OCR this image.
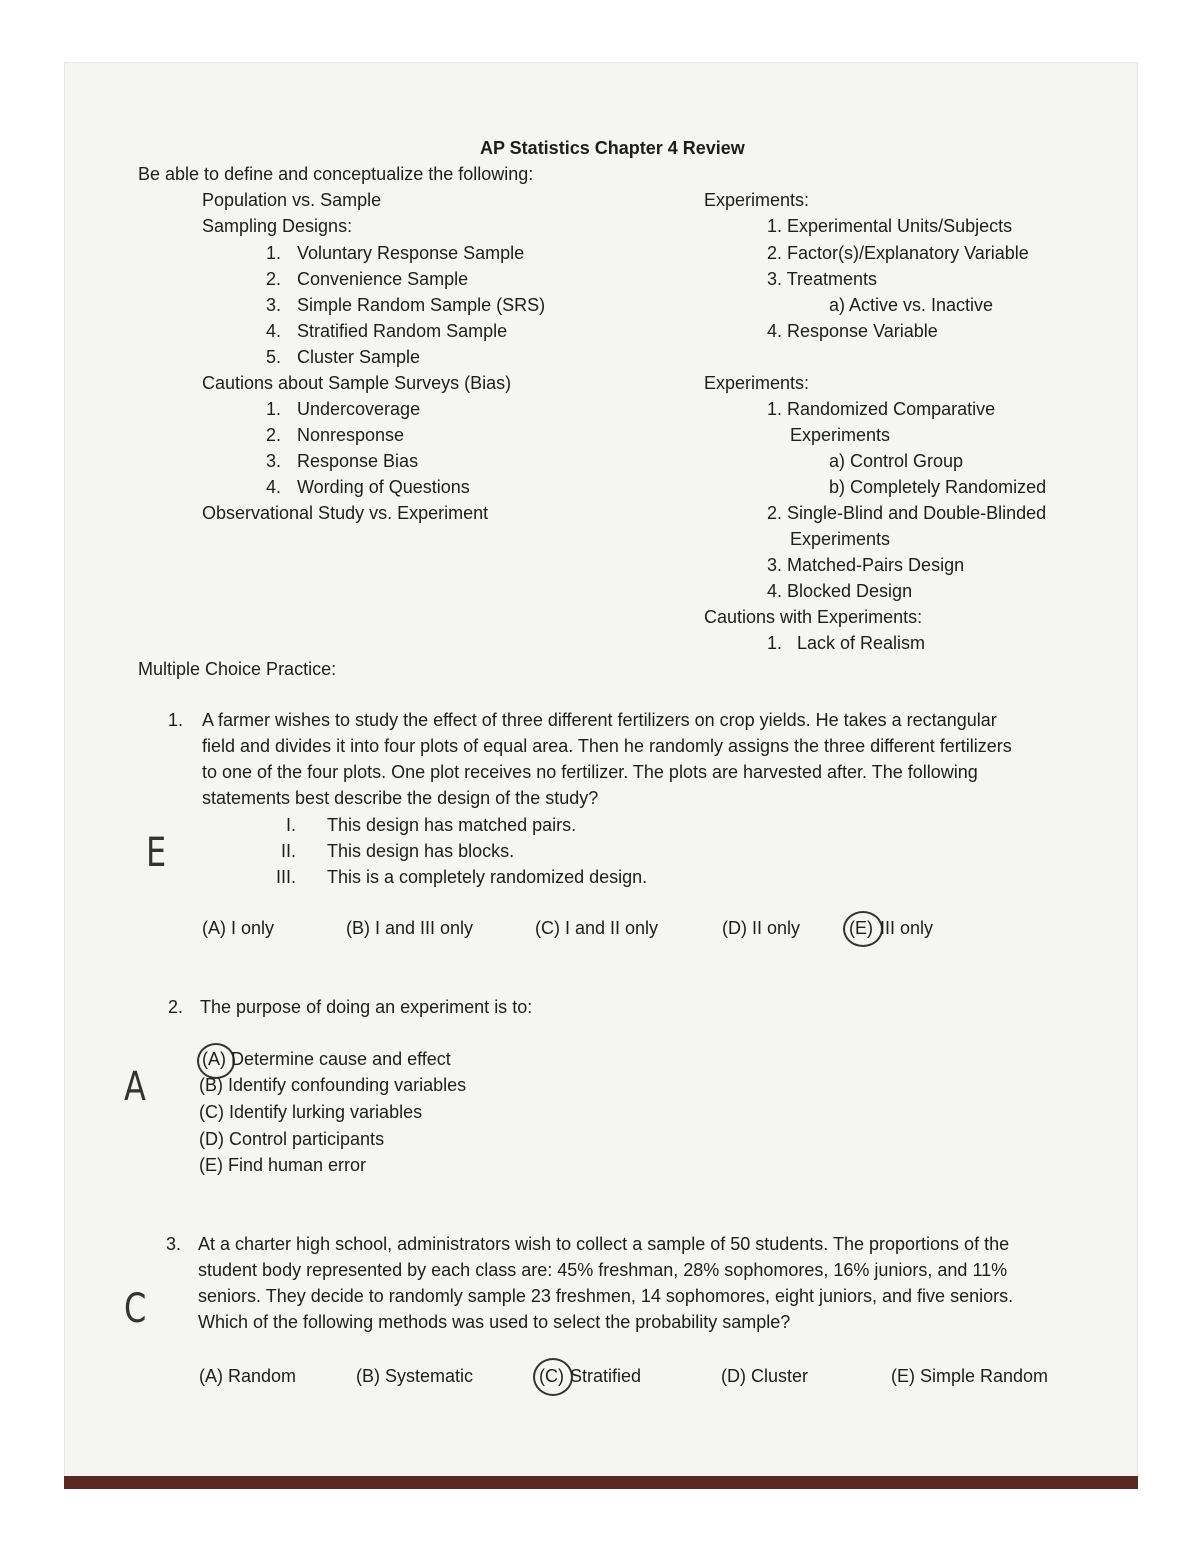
AP Statistics Chapter 4 Review
Be able to define and conceptualize the following:
Population vs. Sample
Sampling Designs:
1. Voluntary Response Sample
2. Convenience Sample
3. Simple Random Sample (SRS)
4. Stratified Random Sample
5. Cluster Sample
Cautions about Sample Surveys (Bias)
1. Undercoverage
2. Nonresponse
3. Response Bias
4. Wording of Questions
Observational Study vs. Experiment
Experiments:
1. Experimental Units/Subjects
2. Factor(s)/Explanatory Variable
3. Treatments
a) Active vs. Inactive
4. Response Variable
Experiments:
1. Randomized Comparative
Experiments
a) Control Group
b) Completely Randomized
2. Single-Blind and Double-Blinded
Experiments
3. Matched-Pairs Design
4. Blocked Design
Cautions with Experiments:
1. Lack of Realism
Multiple Choice Practice:
1. A farmer wishes to study the effect of three different fertilizers on crop yields. He takes a rectangular
field and divides it into four plots of equal area. Then he randomly assigns the three different fertilizers
to one of the four plots. One plot receives no fertilizer. The plots are harvested after. The following
statements best describe the design of the study?
I. This design has matched pairs.
II. This design has blocks.
III. This is a completely randomized design.
E
(A) I only	(B) I and III only	(C) I and II only	(D) II only	(E) III only
2. The purpose of doing an experiment is to:
(A) Determine cause and effect
(B) Identify confounding variables
(C) Identify lurking variables
(D) Control participants
(E) Find human error
A
3. At a charter high school, administrators wish to collect a sample of 50 students. The proportions of the
student body represented by each class are: 45% freshman, 28% sophomores, 16% juniors, and 11%
seniors. They decide to randomly sample 23 freshmen, 14 sophomores, eight juniors, and five seniors.
Which of the following methods was used to select the probability sample?
C
(A) Random	(B) Systematic	(C) Stratified	(D) Cluster	(E) Simple Random
